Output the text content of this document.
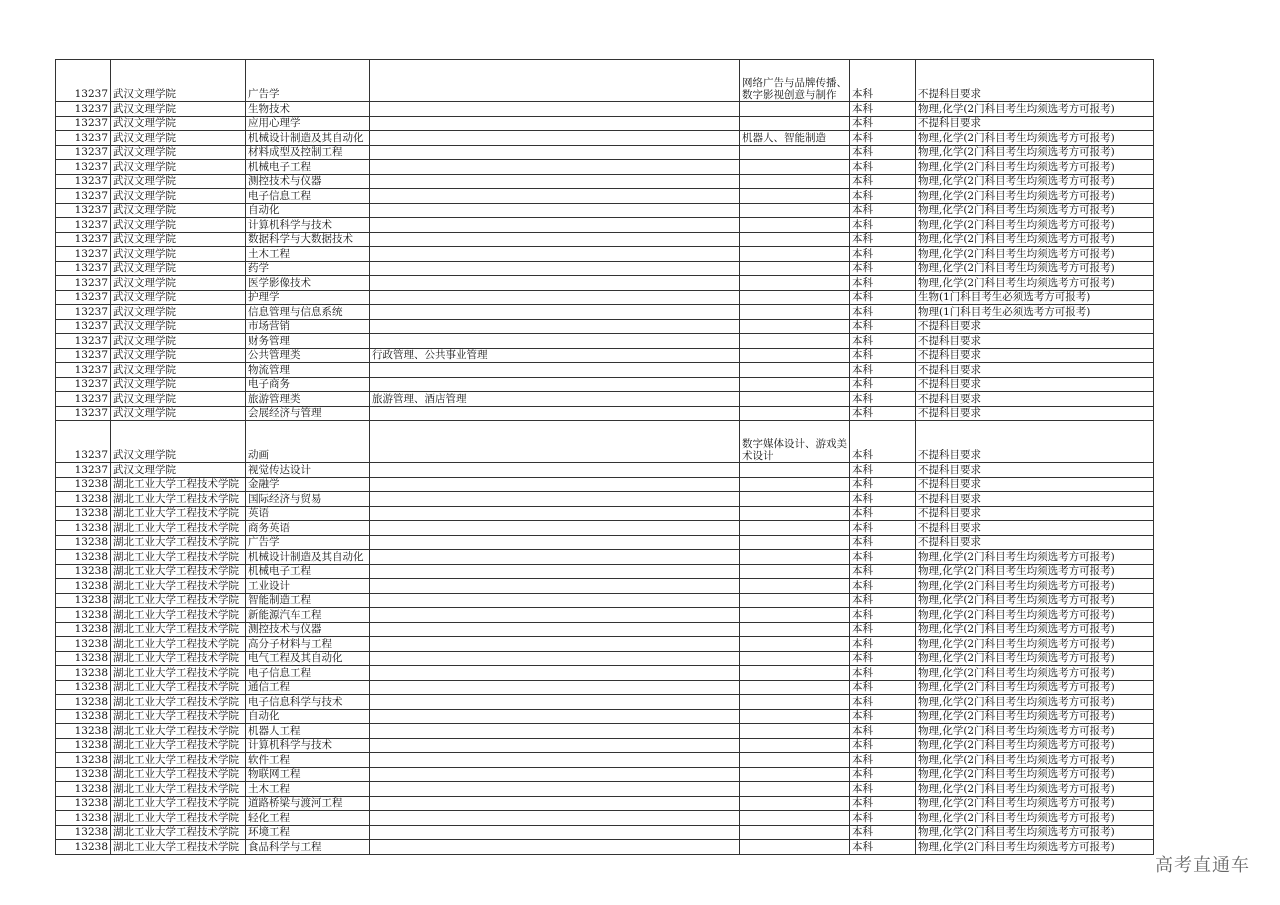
13237	武汉文理学院	广告学		网络广告与品牌传播、数字影视创意与制作	本科	不提科目要求
13237	武汉文理学院	生物技术			本科	物理,化学(2门科目考生均须选考方可报考)
13237	武汉文理学院	应用心理学			本科	不提科目要求
13237	武汉文理学院	机械设计制造及其自动化		机器人、智能制造	本科	物理,化学(2门科目考生均须选考方可报考)
13237	武汉文理学院	材料成型及控制工程			本科	物理,化学(2门科目考生均须选考方可报考)
13237	武汉文理学院	机械电子工程			本科	物理,化学(2门科目考生均须选考方可报考)
13237	武汉文理学院	测控技术与仪器			本科	物理,化学(2门科目考生均须选考方可报考)
13237	武汉文理学院	电子信息工程			本科	物理,化学(2门科目考生均须选考方可报考)
13237	武汉文理学院	自动化			本科	物理,化学(2门科目考生均须选考方可报考)
13237	武汉文理学院	计算机科学与技术			本科	物理,化学(2门科目考生均须选考方可报考)
13237	武汉文理学院	数据科学与大数据技术			本科	物理,化学(2门科目考生均须选考方可报考)
13237	武汉文理学院	土木工程			本科	物理,化学(2门科目考生均须选考方可报考)
13237	武汉文理学院	药学			本科	物理,化学(2门科目考生均须选考方可报考)
13237	武汉文理学院	医学影像技术			本科	物理,化学(2门科目考生均须选考方可报考)
13237	武汉文理学院	护理学			本科	生物(1门科目考生必须选考方可报考)
13237	武汉文理学院	信息管理与信息系统			本科	物理(1门科目考生必须选考方可报考)
13237	武汉文理学院	市场营销			本科	不提科目要求
13237	武汉文理学院	财务管理			本科	不提科目要求
13237	武汉文理学院	公共管理类	行政管理、公共事业管理		本科	不提科目要求
13237	武汉文理学院	物流管理			本科	不提科目要求
13237	武汉文理学院	电子商务			本科	不提科目要求
13237	武汉文理学院	旅游管理类	旅游管理、酒店管理		本科	不提科目要求
13237	武汉文理学院	会展经济与管理			本科	不提科目要求
13237	武汉文理学院	动画		数字媒体设计、游戏美术设计	本科	不提科目要求
13237	武汉文理学院	视觉传达设计			本科	不提科目要求
13238	湖北工业大学工程技术学院	金融学			本科	不提科目要求
13238	湖北工业大学工程技术学院	国际经济与贸易			本科	不提科目要求
13238	湖北工业大学工程技术学院	英语			本科	不提科目要求
13238	湖北工业大学工程技术学院	商务英语			本科	不提科目要求
13238	湖北工业大学工程技术学院	广告学			本科	不提科目要求
13238	湖北工业大学工程技术学院	机械设计制造及其自动化			本科	物理,化学(2门科目考生均须选考方可报考)
13238	湖北工业大学工程技术学院	机械电子工程			本科	物理,化学(2门科目考生均须选考方可报考)
13238	湖北工业大学工程技术学院	工业设计			本科	物理,化学(2门科目考生均须选考方可报考)
13238	湖北工业大学工程技术学院	智能制造工程			本科	物理,化学(2门科目考生均须选考方可报考)
13238	湖北工业大学工程技术学院	新能源汽车工程			本科	物理,化学(2门科目考生均须选考方可报考)
13238	湖北工业大学工程技术学院	测控技术与仪器			本科	物理,化学(2门科目考生均须选考方可报考)
13238	湖北工业大学工程技术学院	高分子材料与工程			本科	物理,化学(2门科目考生均须选考方可报考)
13238	湖北工业大学工程技术学院	电气工程及其自动化			本科	物理,化学(2门科目考生均须选考方可报考)
13238	湖北工业大学工程技术学院	电子信息工程			本科	物理,化学(2门科目考生均须选考方可报考)
13238	湖北工业大学工程技术学院	通信工程			本科	物理,化学(2门科目考生均须选考方可报考)
13238	湖北工业大学工程技术学院	电子信息科学与技术			本科	物理,化学(2门科目考生均须选考方可报考)
13238	湖北工业大学工程技术学院	自动化			本科	物理,化学(2门科目考生均须选考方可报考)
13238	湖北工业大学工程技术学院	机器人工程			本科	物理,化学(2门科目考生均须选考方可报考)
13238	湖北工业大学工程技术学院	计算机科学与技术			本科	物理,化学(2门科目考生均须选考方可报考)
13238	湖北工业大学工程技术学院	软件工程			本科	物理,化学(2门科目考生均须选考方可报考)
13238	湖北工业大学工程技术学院	物联网工程			本科	物理,化学(2门科目考生均须选考方可报考)
13238	湖北工业大学工程技术学院	土木工程			本科	物理,化学(2门科目考生均须选考方可报考)
13238	湖北工业大学工程技术学院	道路桥梁与渡河工程			本科	物理,化学(2门科目考生均须选考方可报考)
13238	湖北工业大学工程技术学院	轻化工程			本科	物理,化学(2门科目考生均须选考方可报考)
13238	湖北工业大学工程技术学院	环境工程			本科	物理,化学(2门科目考生均须选考方可报考)
13238	湖北工业大学工程技术学院	食品科学与工程			本科	物理,化学(2门科目考生均须选考方可报考)
高考直通车
